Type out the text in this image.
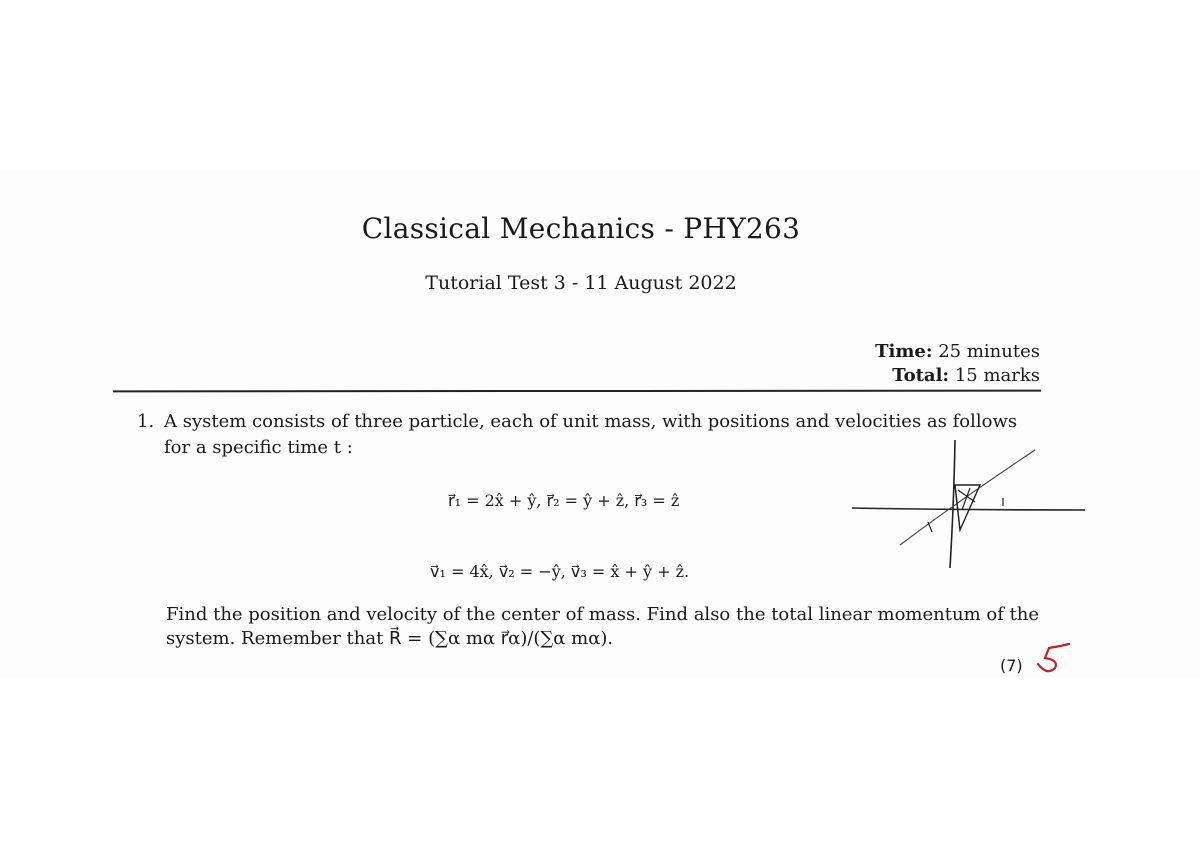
Classical Mechanics - PHY263
Tutorial Test 3 - 11 August 2022
Time: 25 minutes
Total: 15 marks
1. A system consists of three particle, each of unit mass, with positions and velocities as follows for a specific time t :
r⃗₁ = 2x̂ + ŷ, r⃗₂ = ŷ + ẑ, r⃗₃ = ẑ
v⃗₁ = 4x̂, v⃗₂ = −ŷ, v⃗₃ = x̂ + ŷ + ẑ.
Find the position and velocity of the center of mass. Find also the total linear momentum of the system. Remember that R⃗ = (∑α mα r⃗α)/(∑α mα).
(7)
